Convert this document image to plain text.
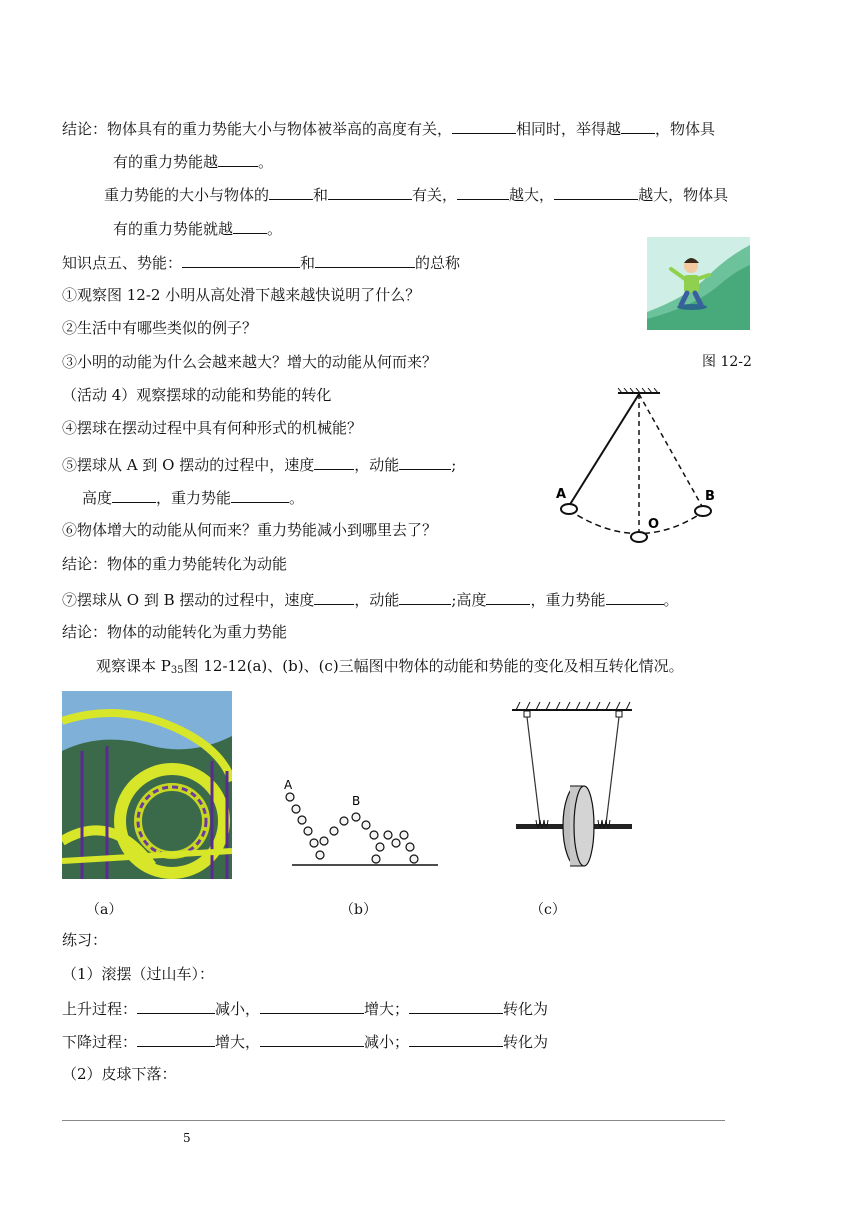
结论：物体具有的重力势能大小与物体被举高的高度有关，	相同时，举得越 ，物体具
有的重力势能越	。
重力势能的大小与物体的	和	有关，	越大，	越大，物体具
有的重力势能就越 。
知识点五、势能：	和	的总称
图 12-2
①观察图 12-2 小明从高处滑下越来越快说明了什么？
②生活中有哪些类似的例子？
③小明的动能为什么会越来越大？增大的动能从何而来？
（活动 4）观察摆球的动能和势能的转化
④摆球在摆动过程中具有何种形式的机械能？
⑤摆球从 A 到 O 摆动的过程中，速度	，动能	;
高度	，重力势能	。	A	B
O
⑥物体增大的动能从何而来？重力势能减小到哪里去了？
结论：物体的重力势能转化为动能
⑦摆球从 O 到 B 摆动的过程中，速度	，动能	;高度	，重力势能	。
结论：物体的动能转化为重力势能
观察课本 $P_{35}$图 12-12(a)、(b)、(c)三幅图中物体的动能和势能的变化及相互转化情况。
A
B
（a）	（b）	（c）
练习：
（1）滚摆（过山车）：
上升过程：	减小，	增大；	转化为
下降过程：	增大，	减小；	转化为
（2）皮球下落：
5
